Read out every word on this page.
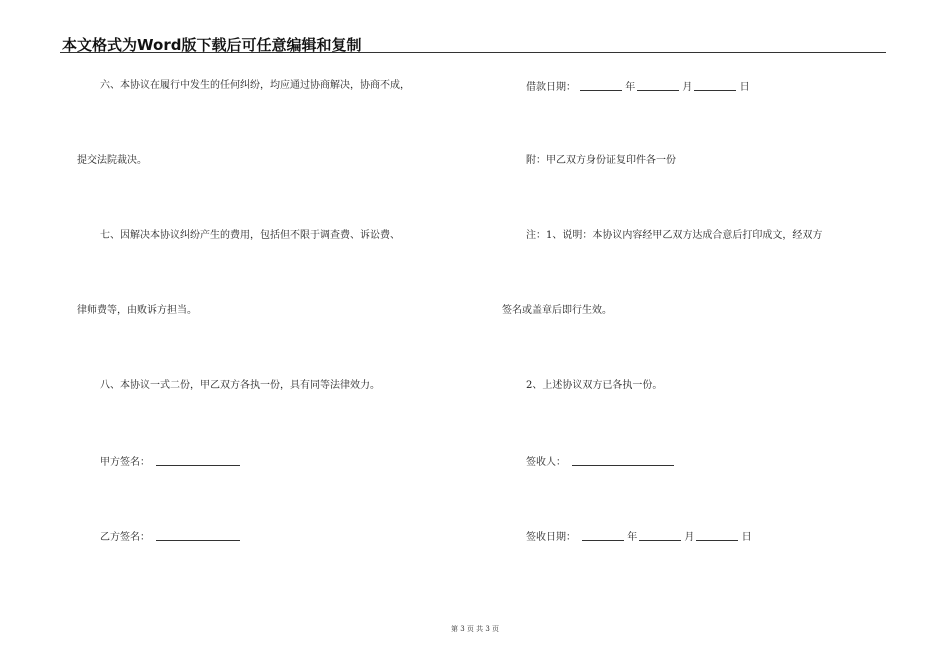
本文格式为Word版下载后可任意编辑和复制
六、本协议在履行中发生的任何纠纷，均应通过协商解决，协商不成，
提交法院裁决。
七、因解决本协议纠纷产生的费用，包括但不限于调查费、诉讼费、
律师费等，由败诉方担当。
八、本协议一式二份，甲乙双方各执一份，具有同等法律效力。
甲方签名：
乙方签名：
借款日期：	年	月	日
附：甲乙双方身份证复印件各一份
注：1、说明：本协议内容经甲乙双方达成合意后打印成文，经双方
签名或盖章后即行生效。
2、上述协议双方已各执一份。
签收人：
签收日期：	年	月	日
第 3 页 共 3 页
